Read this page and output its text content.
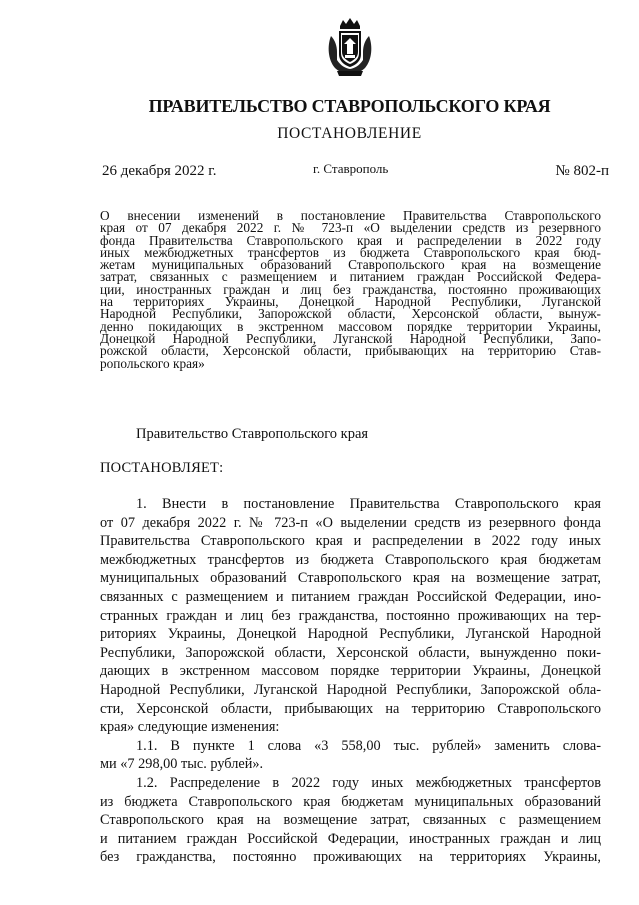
ПРАВИТЕЛЬСТВО СТАВРОПОЛЬСКОГО КРАЯ
ПОСТАНОВЛЕНИЕ
26 декабря 2022 г.	г. Ставрополь	№ 802-п
О внесении изменений в постановление Правительства Ставропольского
края от 07 декабря 2022 г. № 723-п «О выделении средств из резервного
фонда Правительства Ставропольского края и распределении в 2022 году
иных межбюджетных трансфертов из бюджета Ставропольского края бюд-
жетам муниципальных образований Ставропольского края на возмещение
затрат, связанных с размещением и питанием граждан Российской Федера-
ции, иностранных граждан и лиц без гражданства, постоянно проживающих
на территориях Украины, Донецкой Народной Республики, Луганской
Народной Республики, Запорожской области, Херсонской области, вынуж-
денно покидающих в экстренном массовом порядке территории Украины,
Донецкой Народной Республики, Луганской Народной Республики, Запо-
рожской области, Херсонской области, прибывающих на территорию Став-
ропольского края»
Правительство Ставропольского края
ПОСТАНОВЛЯЕТ:
1. Внести в постановление Правительства Ставропольского края
от 07 декабря 2022 г. № 723-п «О выделении средств из резервного фонда
Правительства Ставропольского края и распределении в 2022 году иных
межбюджетных трансфертов из бюджета Ставропольского края бюджетам
муниципальных образований Ставропольского края на возмещение затрат,
связанных с размещением и питанием граждан Российской Федерации, ино-
странных граждан и лиц без гражданства, постоянно проживающих на тер-
риториях Украины, Донецкой Народной Республики, Луганской Народной
Республики, Запорожской области, Херсонской области, вынужденно поки-
дающих в экстренном массовом порядке территории Украины, Донецкой
Народной Республики, Луганской Народной Республики, Запорожской обла-
сти, Херсонской области, прибывающих на территорию Ставропольского
края» следующие изменения:
1.1. В пункте 1 слова «3 558,00 тыс. рублей» заменить слова-
ми «7 298,00 тыс. рублей».
1.2. Распределение в 2022 году иных межбюджетных трансфертов
из бюджета Ставропольского края бюджетам муниципальных образований
Ставропольского края на возмещение затрат, связанных с размещением
и питанием граждан Российской Федерации, иностранных граждан и лиц
без гражданства, постоянно проживающих на территориях Украины,
